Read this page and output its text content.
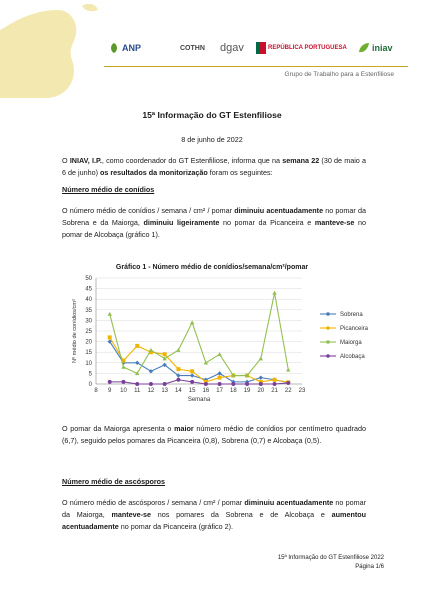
ANP	COTHN dgav	REPÚBLICA PORTUGUESA	iniav
Grupo de Trabalho para a Estenfiliose
15ª Informação do GT Estenfiliose
8 de junho de 2022
O INIAV, I.P., como coordenador do GT Estenfiliose, informa que na semana 22 (30 de maio a 6 de junho) os resultados da monitorização foram os seguintes:
Número médio de conídios
O número médio de conídios / semana / cm² / pomar diminuiu acentuadamente no pomar da Sobrena e da Maiorga, diminuiu ligeiramente no pomar da Picanceira e manteve-se no pomar de Alcobaça (gráfico 1).
Gráfico 1 - Número médio de conídios/semana/cm²/pomar
0
5
10
15
20
25
30
35
40
45
50
8 9 10 11 12 13 14 15 16 17 18 19 20 21 22 23
Semana
Nº médio de conídios/cm²	Sobrena
Picanceira
Maiorga
Alcobaça
O pomar da Maiorga apresenta o maior número médio de conídios por centímetro quadrado (6,7), seguido pelos pomares da Picanceira (0,8), Sobrena (0,7) e Alcobaça (0,5).
Número médio de ascósporos
O número médio de ascósporos / semana / cm² / pomar diminuiu acentuadamente no pomar da Maiorga, manteve-se nos pomares da Sobrena e de Alcobaça e aumentou acentuadamente no pomar da Picanceira (gráfico 2).
15ª Informação do GT Estenfiliose 2022
Página 1/6
